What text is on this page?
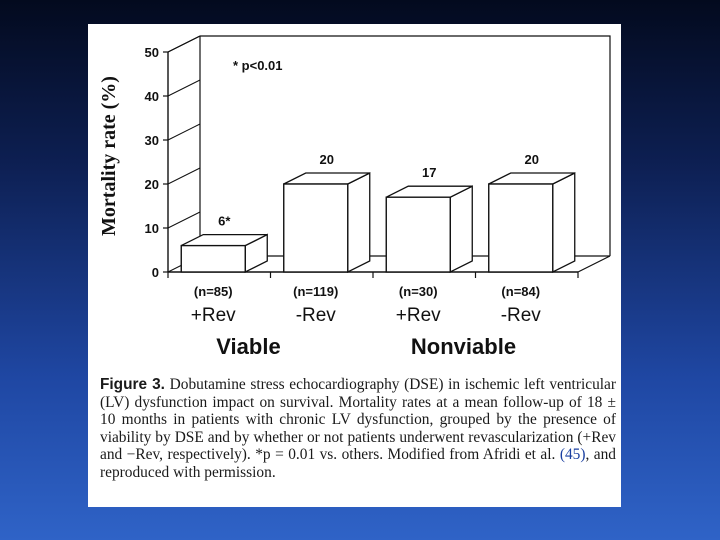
Mortality rate (%)
* p<0.01
0
10
20
30
40
50
6*
20
17
20
(n=85)
+Rev
(n=119)
-Rev
(n=30)
+Rev
(n=84)
-Rev
Viable	Nonviable

Figure 3. Dobutamine stress echocardiography (DSE) in ischemic left ventricular (LV) dysfunction impact on survival. Mortality rates at a mean follow-up of 18 ± 10 months in patients with chronic LV dysfunction, grouped by the presence of viability by DSE and by whether or not patients underwent revascularization (+Rev and −Rev, respectively). *p = 0.01 vs. others. Modified from Afridi et al. (45), and reproduced with permission.
